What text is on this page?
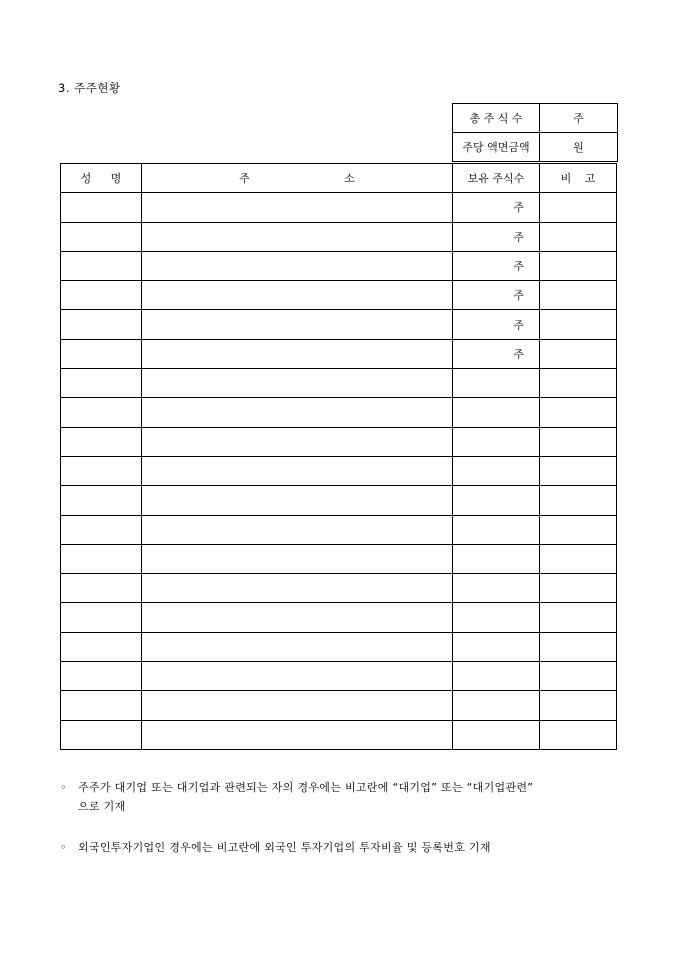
3. 주주현황
총 주 식 수	주
주당 액면금액	원
성 명	주 소	보유 주식수	비 고

		주	
		주	
		주	
		주	
		주	
		주	

◦ 주주가 대기업 또는 대기업과 관련되는 자의 경우에는 비고란에 “대기업” 또는 “대기업관련”
으로 기재
◦ 외국인투자기업인 경우에는 비고란에 외국인 투자기업의 투자비율 및 등록번호 기재
